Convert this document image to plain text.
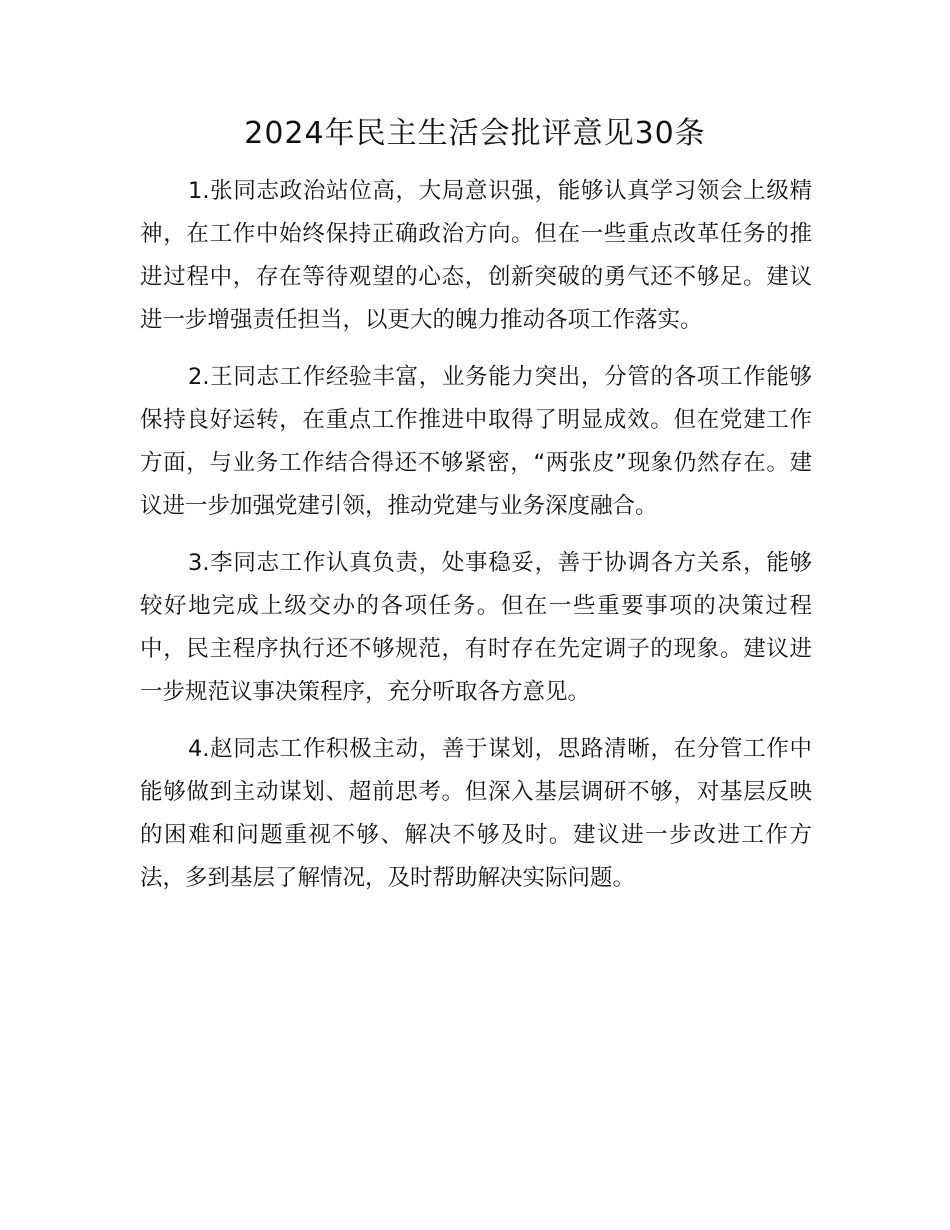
2024年民主生活会批评意见30条

1.张同志政治站位高，大局意识强，能够认真学习领会上级精神，在工作中始终保持正确政治方向。但在一些重点改革任务的推进过程中，存在等待观望的心态，创新突破的勇气还不够足。建议进一步增强责任担当，以更大的魄力推动各项工作落实。

2.王同志工作经验丰富，业务能力突出，分管的各项工作能够保持良好运转，在重点工作推进中取得了明显成效。但在党建工作方面，与业务工作结合得还不够紧密，“两张皮”现象仍然存在。建议进一步加强党建引领，推动党建与业务深度融合。

3.李同志工作认真负责，处事稳妥，善于协调各方关系，能够较好地完成上级交办的各项任务。但在一些重要事项的决策过程中，民主程序执行还不够规范，有时存在先定调子的现象。建议进一步规范议事决策程序，充分听取各方意见。

4.赵同志工作积极主动，善于谋划，思路清晰，在分管工作中能够做到主动谋划、超前思考。但深入基层调研不够，对基层反映的困难和问题重视不够、解决不够及时。建议进一步改进工作方法，多到基层了解情况，及时帮助解决实际问题。
